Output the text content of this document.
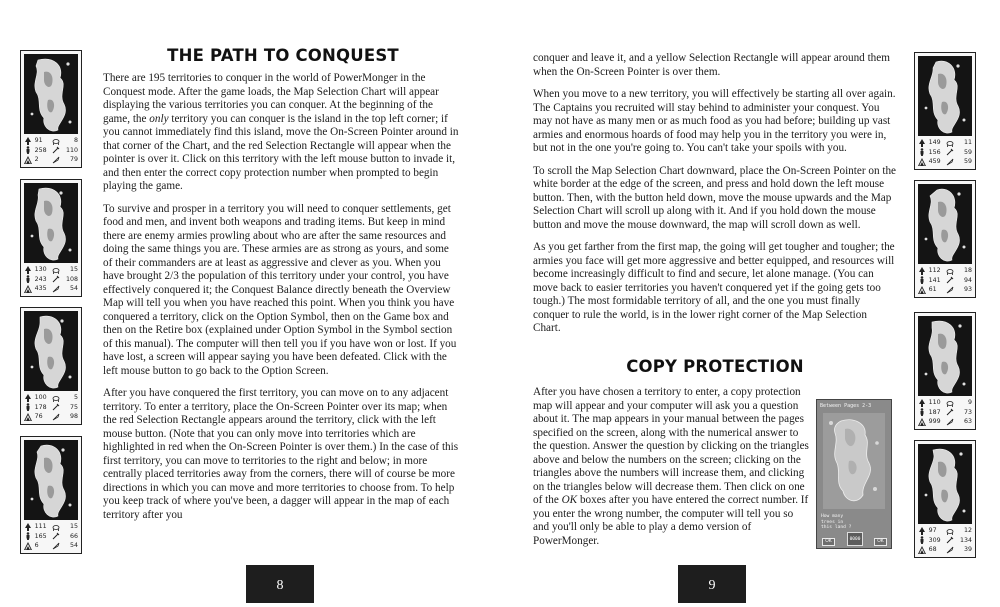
91	8
258	110
2	79
130	15
243	108
435	54
100	5
178	75
76	98
111	15
165	66
6	54
THE PATH TO CONQUEST

There are 195 territories to conquer in the world of PowerMonger in the Conquest mode. After the game loads, the Map Selection Chart will appear displaying the various territories you can conquer. At the beginning of the game, the only territory you can conquer is the island in the top left corner; if you cannot immediately find this island, move the On-Screen Pointer around in that corner of the Chart, and the red Selection Rectangle will appear when the pointer is over it. Click on this territory with the left mouse button to invade it, and then enter the correct copy protection number when prompted to begin playing the game.

To survive and prosper in a territory you will need to conquer settlements, get food and men, and invent both weapons and trading items. But keep in mind there are enemy armies prowling about who are after the same resources and doing the same things you are. These armies are as strong as yours, and some of their commanders are at least as aggressive and clever as you. When you have brought 2/3 the population of this territory under your control, you have effectively conquered it; the Conquest Balance directly beneath the Overview Map will tell you when you have reached this point. When you think you have conquered a territory, click on the Option Symbol, then on the Game box and then on the Retire box (explained under Option Symbol in the Symbol section of this manual). The computer will then tell you if you have won or lost. If you have lost, a screen will appear saying you have been defeated. Click with the left mouse button to go back to the Option Screen.

After you have conquered the first territory, you can move on to any adjacent territory. To enter a territory, place the On-Screen Pointer over its map; when the red Selection Rectangle appears around the territory, click with the left mouse button. (Note that you can only move into territories which are highlighted in red when the On-Screen Pointer is over them.) In the case of this first territory, you can move to territories to the right and below; in more centrally placed territories away from the corners, there will of course be more directions in which you can move and more territories to choose from. To help you keep track of where you've been, a dagger will appear in the map of each territory after you

8

conquer and leave it, and a yellow Selection Rectangle will appear around them when the On-Screen Pointer is over them.

When you move to a new territory, you will effectively be starting all over again. The Captains you recruited will stay behind to administer your conquest. You may not have as many men or as much food as you had before; building up vast armies and enormous hoards of food may help you in the territory you were in, but not in the one you're going to. You can't take your spoils with you.

To scroll the Map Selection Chart downward, place the On-Screen Pointer on the white border at the edge of the screen, and press and hold down the left mouse button. Then, with the button held down, move the mouse upwards and the Map Selection Chart will scroll up along with it. And if you hold down the mouse button and move the mouse downward, the map will scroll down as well.

As you get farther from the first map, the going will get tougher and tougher; the armies you face will get more aggressive and better equipped, and resources will become increasingly difficult to find and secure, let alone manage. (You can move back to easier territories you haven't conquered yet if the going gets too tough.) The most formidable territory of all, and the one you must finally conquer to rule the world, is in the lower right corner of the Map Selection Chart.

COPY PROTECTION

After you have chosen a territory to enter, a copy protection map will appear and your computer will ask you a question about it. The map appears in your manual between the pages specified on the screen, along with the numerical answer to the question. Answer the question by clicking on the triangles above and below the numbers on the screen; clicking on the triangles above the numbers will increase them, and clicking on the triangles below will decrease them. Then click on one of the OK boxes after you have entered the correct number. If you enter the wrong number, the computer will tell you so and you'll only be able to play a demo version of PowerMonger.

Between Pages 2-3
How many trees in this land ?
OK	0000	OK
149	11
156	59
459	59
112	18
141	94
61	93
110	9
187	73
999	63
97	12
309	134
68	39
9
